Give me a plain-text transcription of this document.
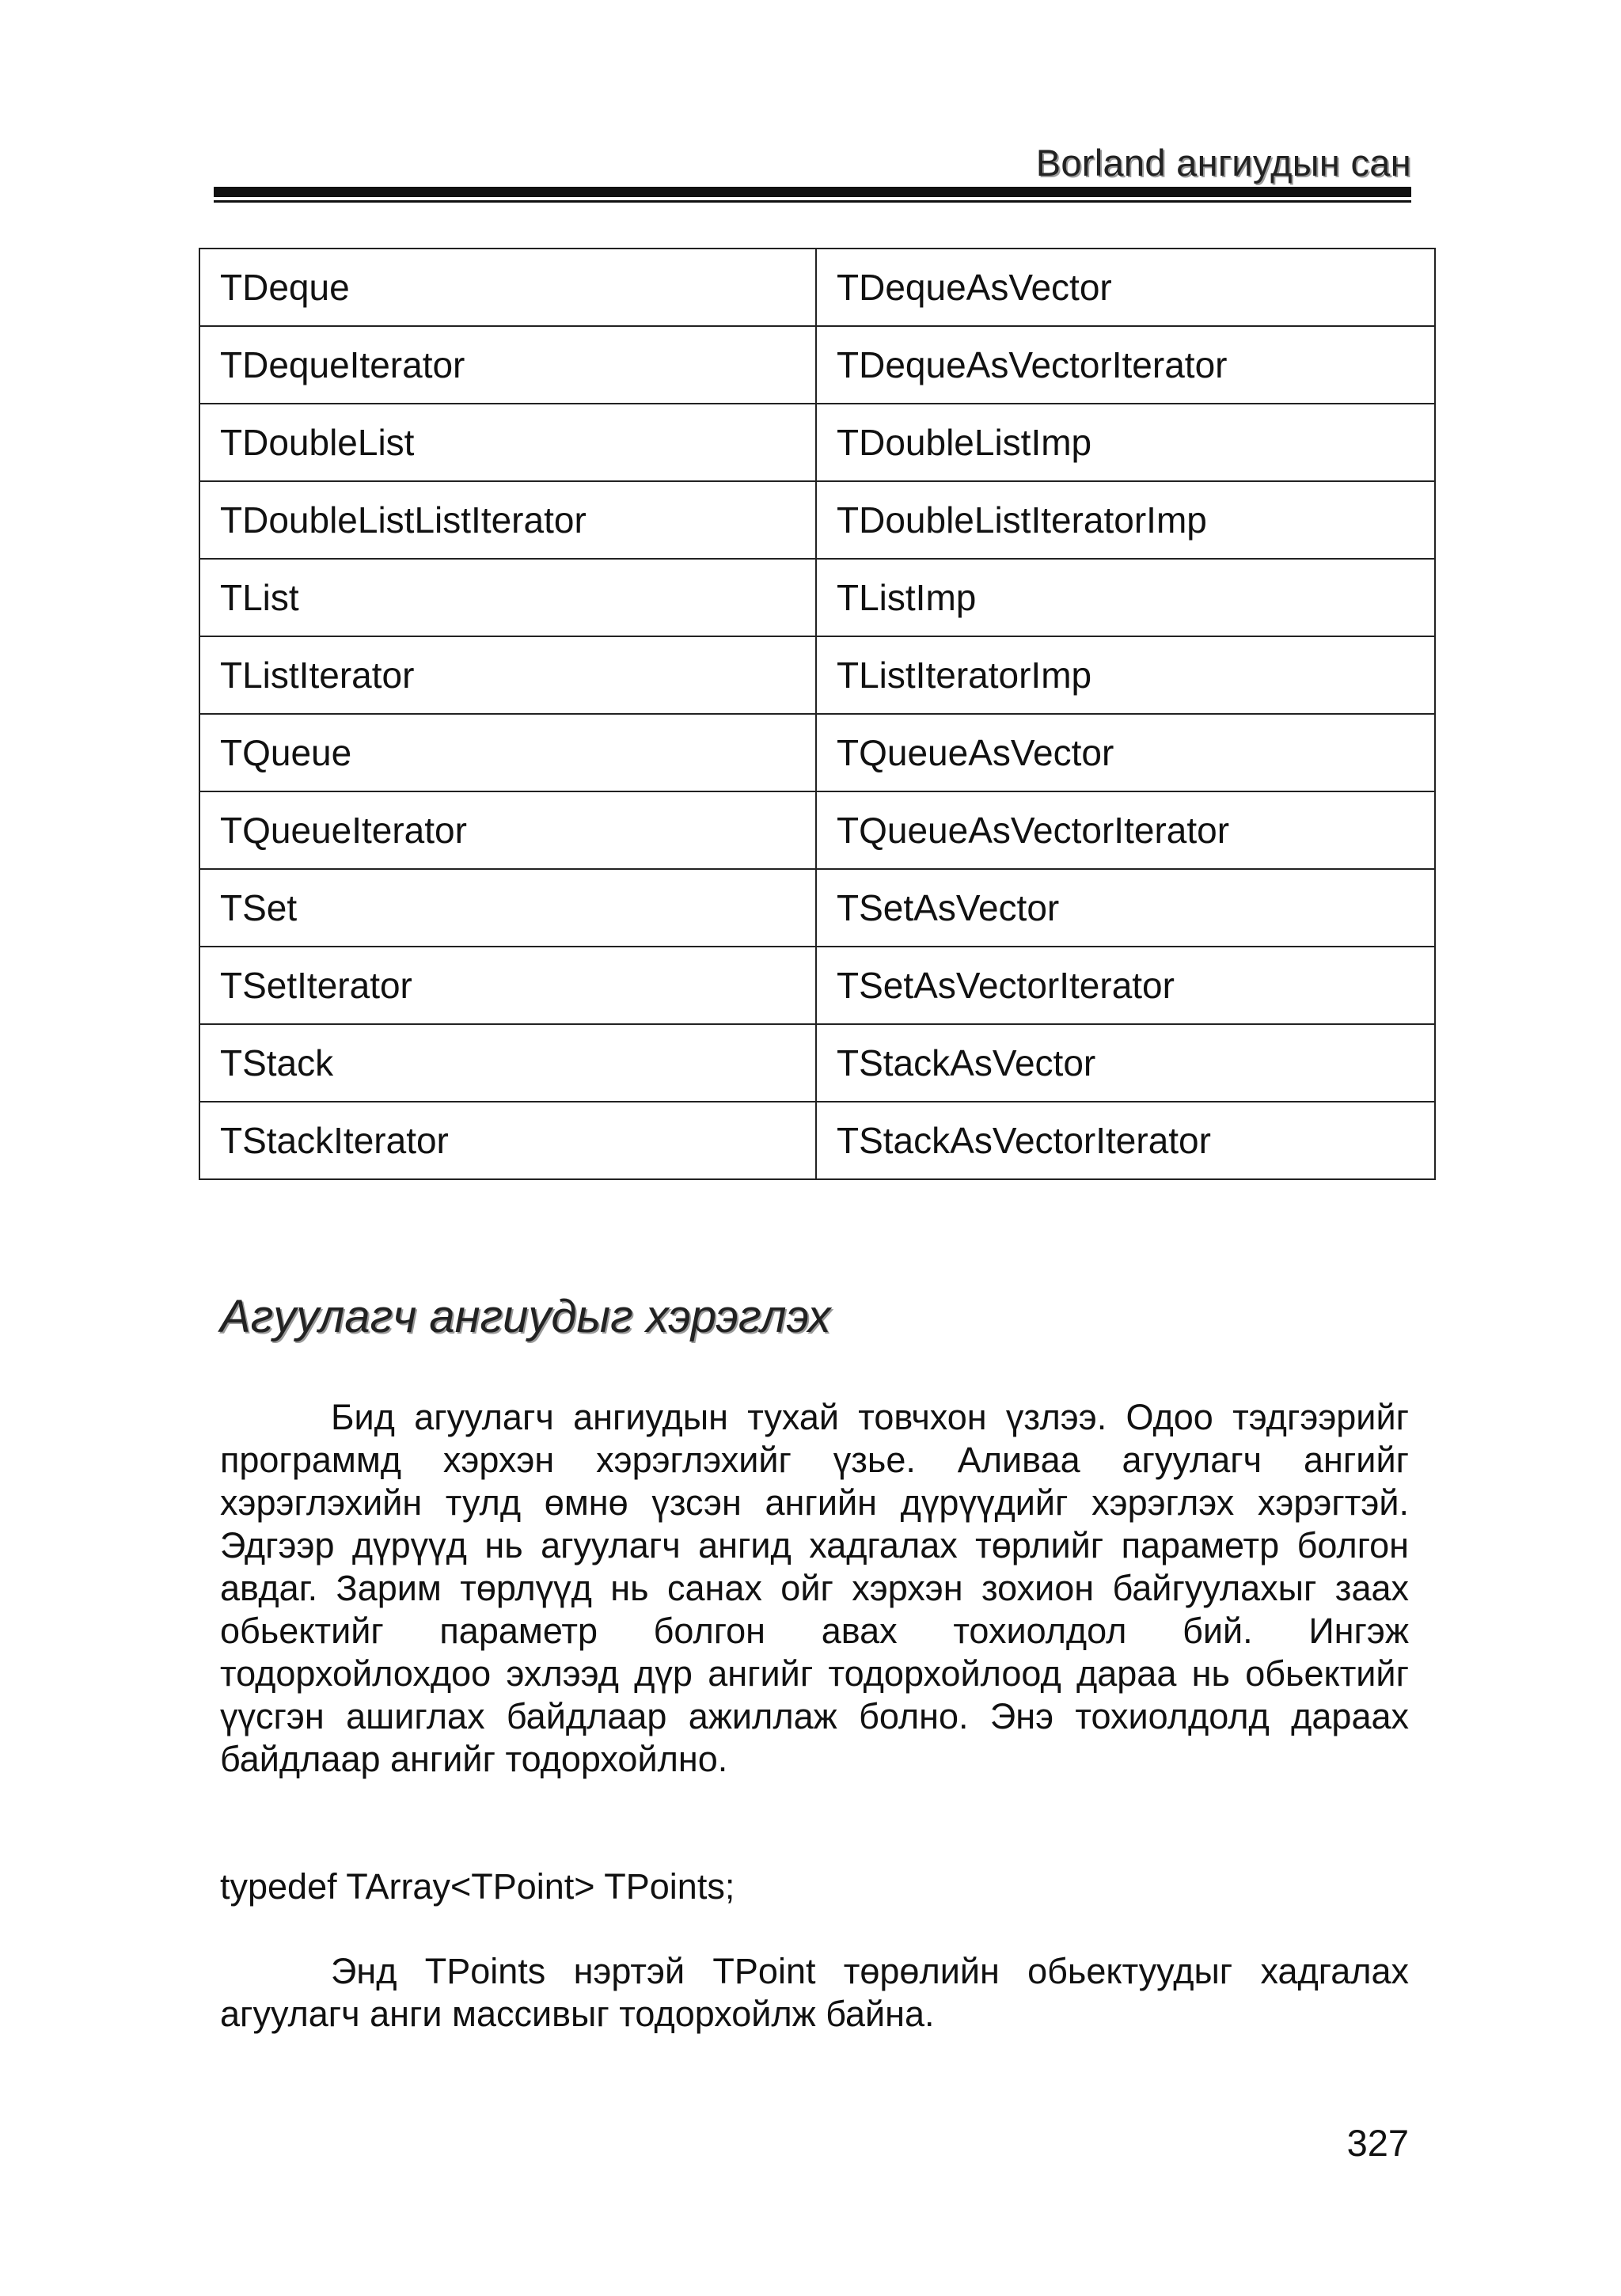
Borland ангиудын сан
TDeque	TDequeAsVector
TDequeIterator	TDequeAsVectorIterator
TDoubleList	TDoubleListImp
TDoubleListListIterator	TDoubleListIteratorImp
TList	TListImp
TListIterator	TListIteratorImp
TQueue	TQueueAsVector
TQueueIterator	TQueueAsVectorIterator
TSet	TSetAsVector
TSetIterator	TSetAsVectorIterator
TStack	TStackAsVector
TStackIterator	TStackAsVectorIterator
Агуулагч ангиудыг хэрэглэх

Бид агуулагч ангиудын тухай товчхон үзлээ. Одоо тэдгээрийг программд хэрхэн хэрэглэхийг үзье. Аливаа агуулагч ангийг хэрэглэхийн тулд өмнө үзсэн ангийн дүрүүдийг хэрэглэх хэрэгтэй. Эдгээр дүрүүд нь агуулагч ангид хадгалах төрлийг параметр болгон авдаг. Зарим төрлүүд нь санах ойг хэрхэн зохион байгуулахыг заах обьектийг параметр болгон авах тохиолдол бий. Ингэж тодорхойлохдоо эхлээд дүр ангийг тодорхойлоод дараа нь обьектийг үүсгэн ашиглах байдлаар ажиллаж болно. Энэ тохиолдолд дараах байдлаар ангийг тодорхойлно.

typedef TArray<TPoint> TPoints;

Энд TPoints нэртэй TPoint төрөлийн обьектуудыг хадгалах агуулагч анги массивыг тодорхойлж байна.

327
